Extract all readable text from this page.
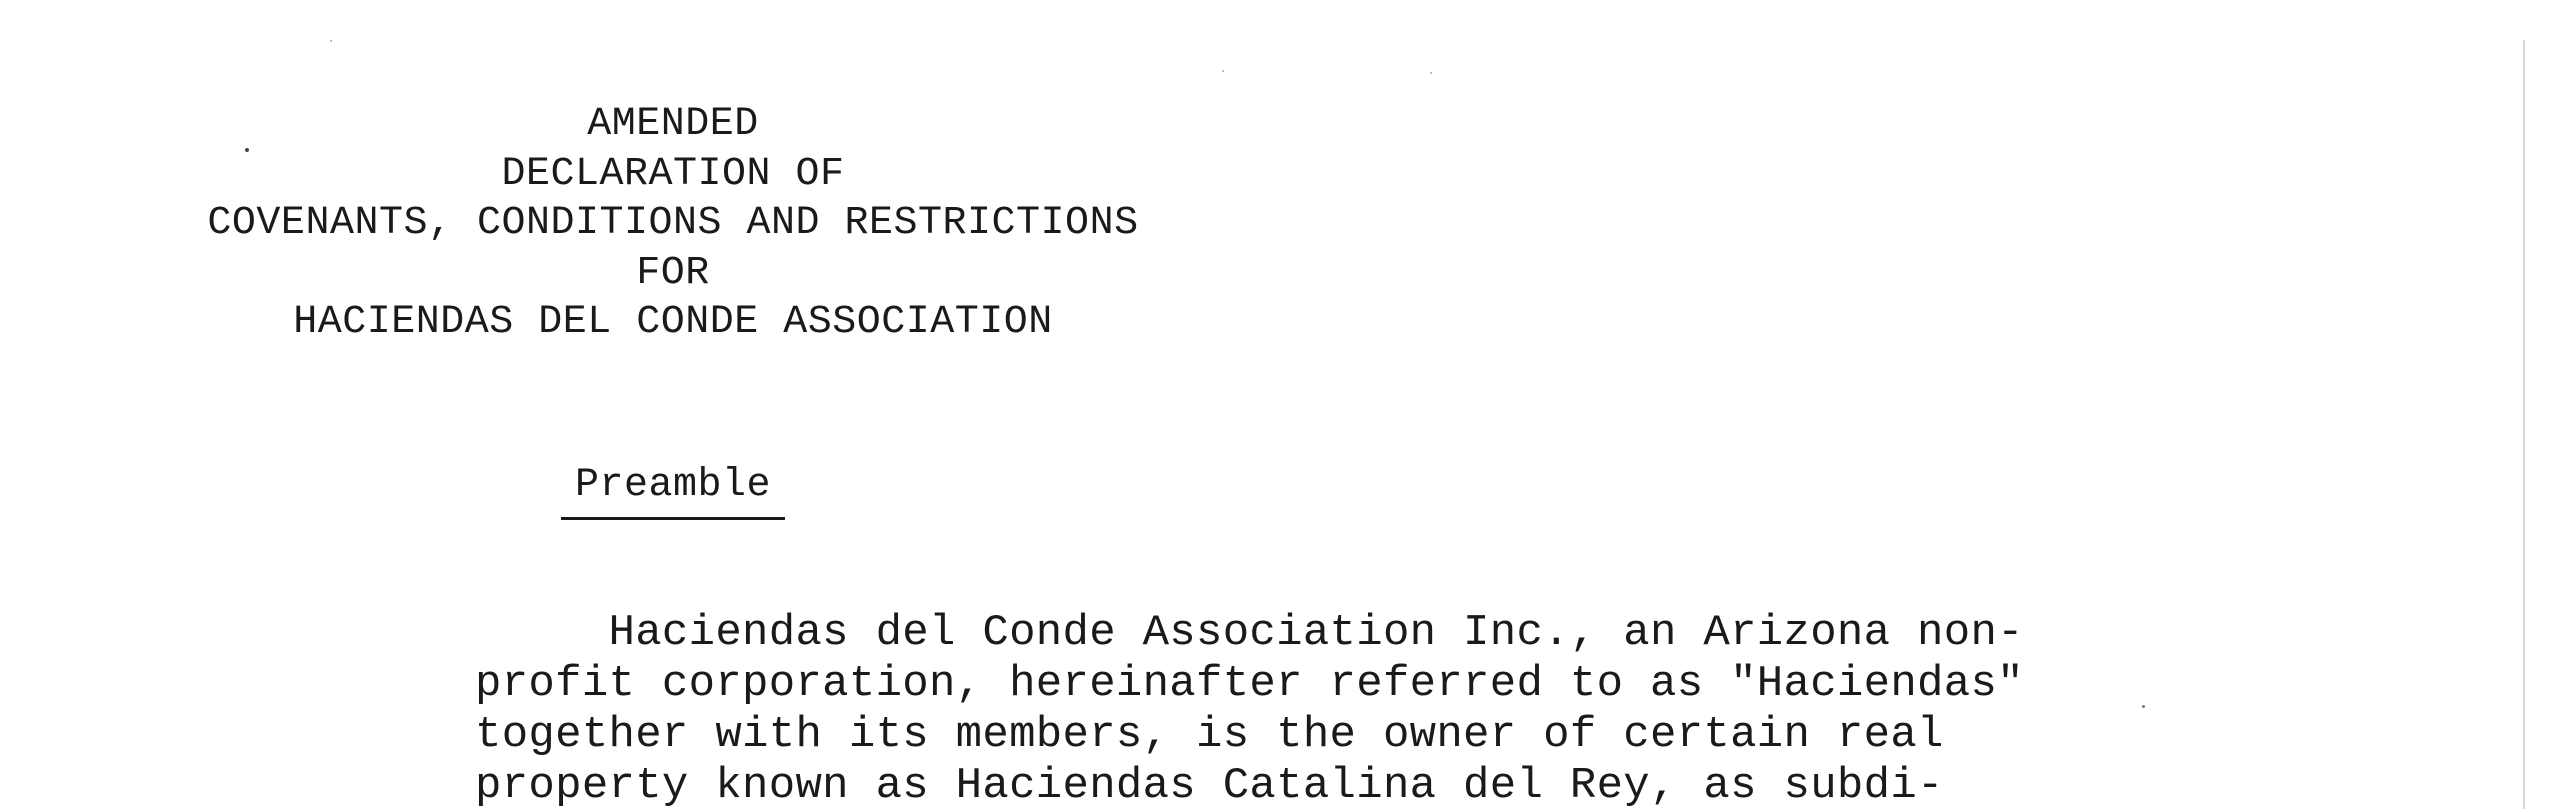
AMENDED
DECLARATION OF
COVENANTS, CONDITIONS AND RESTRICTIONS
FOR
HACIENDAS DEL CONDE ASSOCIATION
Preamble
Haciendas del Conde Association Inc., an Arizona non-
profit corporation, hereinafter referred to as "Haciendas"
together with its members, is the owner of certain real
property known as Haciendas Catalina del Rey, as subdi-
